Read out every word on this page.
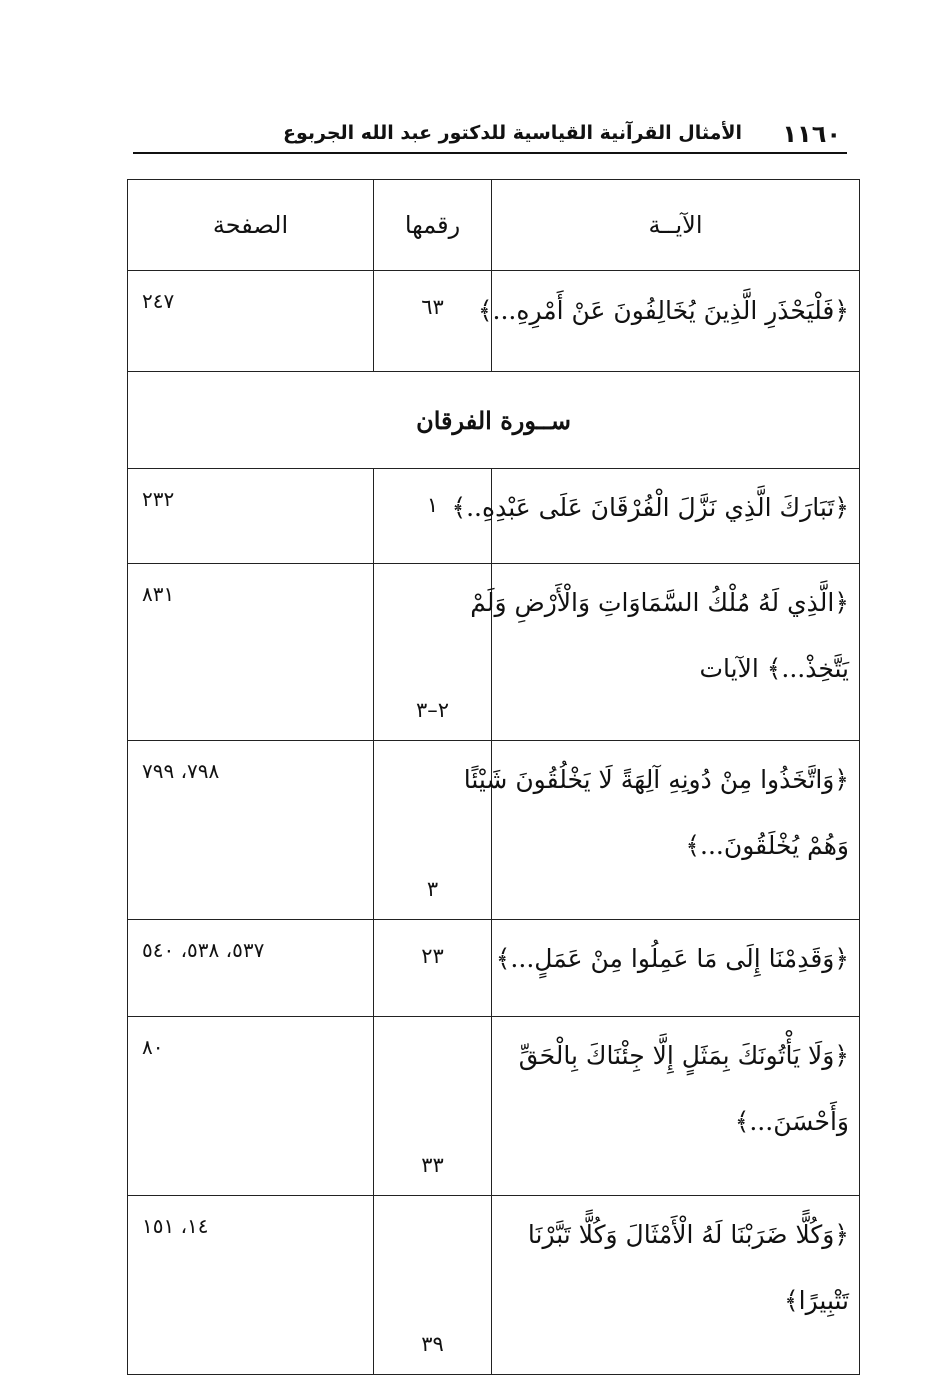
١١٦٠
الأمثال القرآنية القياسية للدكتور عبد الله الجربوع
الآيــة	رقمها	الصفحة

﴿فَلْيَحْذَرِ الَّذِينَ يُخَالِفُونَ عَنْ أَمْرِهِ...﴾	٦٣	٢٤٧
ســورة الفرقان		

﴿تَبَارَكَ الَّذِي نَزَّلَ الْفُرْقَانَ عَلَى عَبْدِهِ..﴾	١	٢٣٢

﴿الَّذِي لَهُ مُلْكُ السَّمَاوَاتِ وَالْأَرْضِ وَلَمْ
يَتَّخِذْ...﴾ الآيات	٢–٣	٨٣١

﴿وَاتَّخَذُوا مِنْ دُونِهِ آلِهَةً لَا يَخْلُقُونَ شَيْئًا
وَهُمْ يُخْلَقُونَ...﴾	٣	٧٩٨، ٧٩٩

﴿وَقَدِمْنَا إِلَى مَا عَمِلُوا مِنْ عَمَلٍ...﴾	٢٣	٥٣٧، ٥٣٨، ٥٤٠

﴿وَلَا يَأْتُونَكَ بِمَثَلٍ إِلَّا جِئْنَاكَ بِالْحَقِّ
وَأَحْسَنَ...﴾	٣٣	٨٠

﴿وَكُلًّا ضَرَبْنَا لَهُ الْأَمْثَالَ وَكُلًّا تَبَّرْنَا
تَتْبِيرًا﴾	٣٩	١٤، ١٥١
